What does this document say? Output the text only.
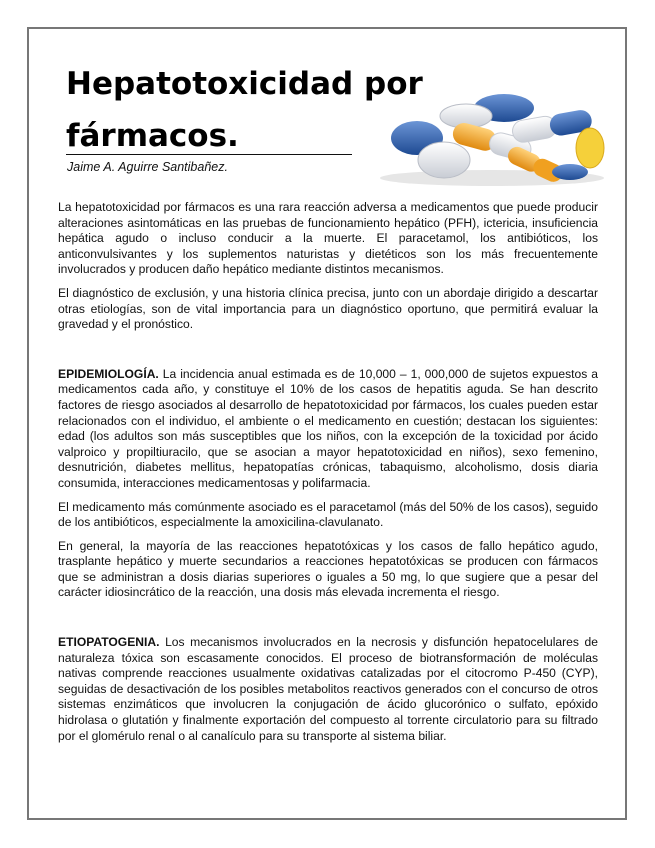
Hepatotoxicidad por fármacos.
Jaime A. Aguirre Santibañez.

La hepatotoxicidad por fármacos es una rara reacción adversa a medicamentos que puede producir alteraciones asintomáticas en las pruebas de funcionamiento hepático (PFH), ictericia, insuficiencia hepática agudo o incluso conducir a la muerte. El paracetamol, los antibióticos, los anticonvulsivantes y los suplementos naturistas y dietéticos son los más frecuentemente involucrados y producen daño hepático mediante distintos mecanismos.

El diagnóstico de exclusión, y una historia clínica precisa, junto con un abordaje dirigido a descartar otras etiologías, son de vital importancia para un diagnóstico oportuno, que permitirá evaluar la gravedad y el pronóstico.

EPIDEMIOLOGÍA. La incidencia anual estimada es de 10,000 – 1, 000,000 de sujetos expuestos a medicamentos cada año, y constituye el 10% de los casos de hepatitis aguda. Se han descrito factores de riesgo asociados al desarrollo de hepatotoxicidad por fármacos, los cuales pueden estar relacionados con el individuo, el ambiente o el medicamento en cuestión; destacan los siguientes: edad (los adultos son más susceptibles que los niños, con la excepción de la toxicidad por ácido valproico y propiltiuracilo, que se asocian a mayor hepatotoxicidad en niños), sexo femenino, desnutrición, diabetes mellitus, hepatopatías crónicas, tabaquismo, alcoholismo, dosis diaria consumida, interacciones medicamentosas y polifarmacia.

El medicamento más comúnmente asociado es el paracetamol (más del 50% de los casos), seguido de los antibióticos, especialmente la amoxicilina-clavulanato.

En general, la mayoría de las reacciones hepatotóxicas y los casos de fallo hepático agudo, trasplante hepático y muerte secundarios a reacciones hepatotóxicas se producen con fármacos que se administran a dosis diarias superiores o iguales a 50 mg, lo que sugiere que a pesar del carácter idiosincrático de la reacción, una dosis más elevada incrementa el riesgo.

ETIOPATOGENIA. Los mecanismos involucrados en la necrosis y disfunción hepatocelulares de naturaleza tóxica son escasamente conocidos. El proceso de biotransformación de moléculas nativas comprende reacciones usualmente oxidativas catalizadas por el citocromo P-450 (CYP), seguidas de desactivación de los posibles metabolitos reactivos generados con el concurso de otros sistemas enzimáticos que involucren la conjugación de ácido glucorónico o sulfato, epóxido hidrolasa o glutatión y finalmente exportación del compuesto al torrente circulatorio para su filtrado por el glomérulo renal o al canalículo para su transporte al sistema biliar.
